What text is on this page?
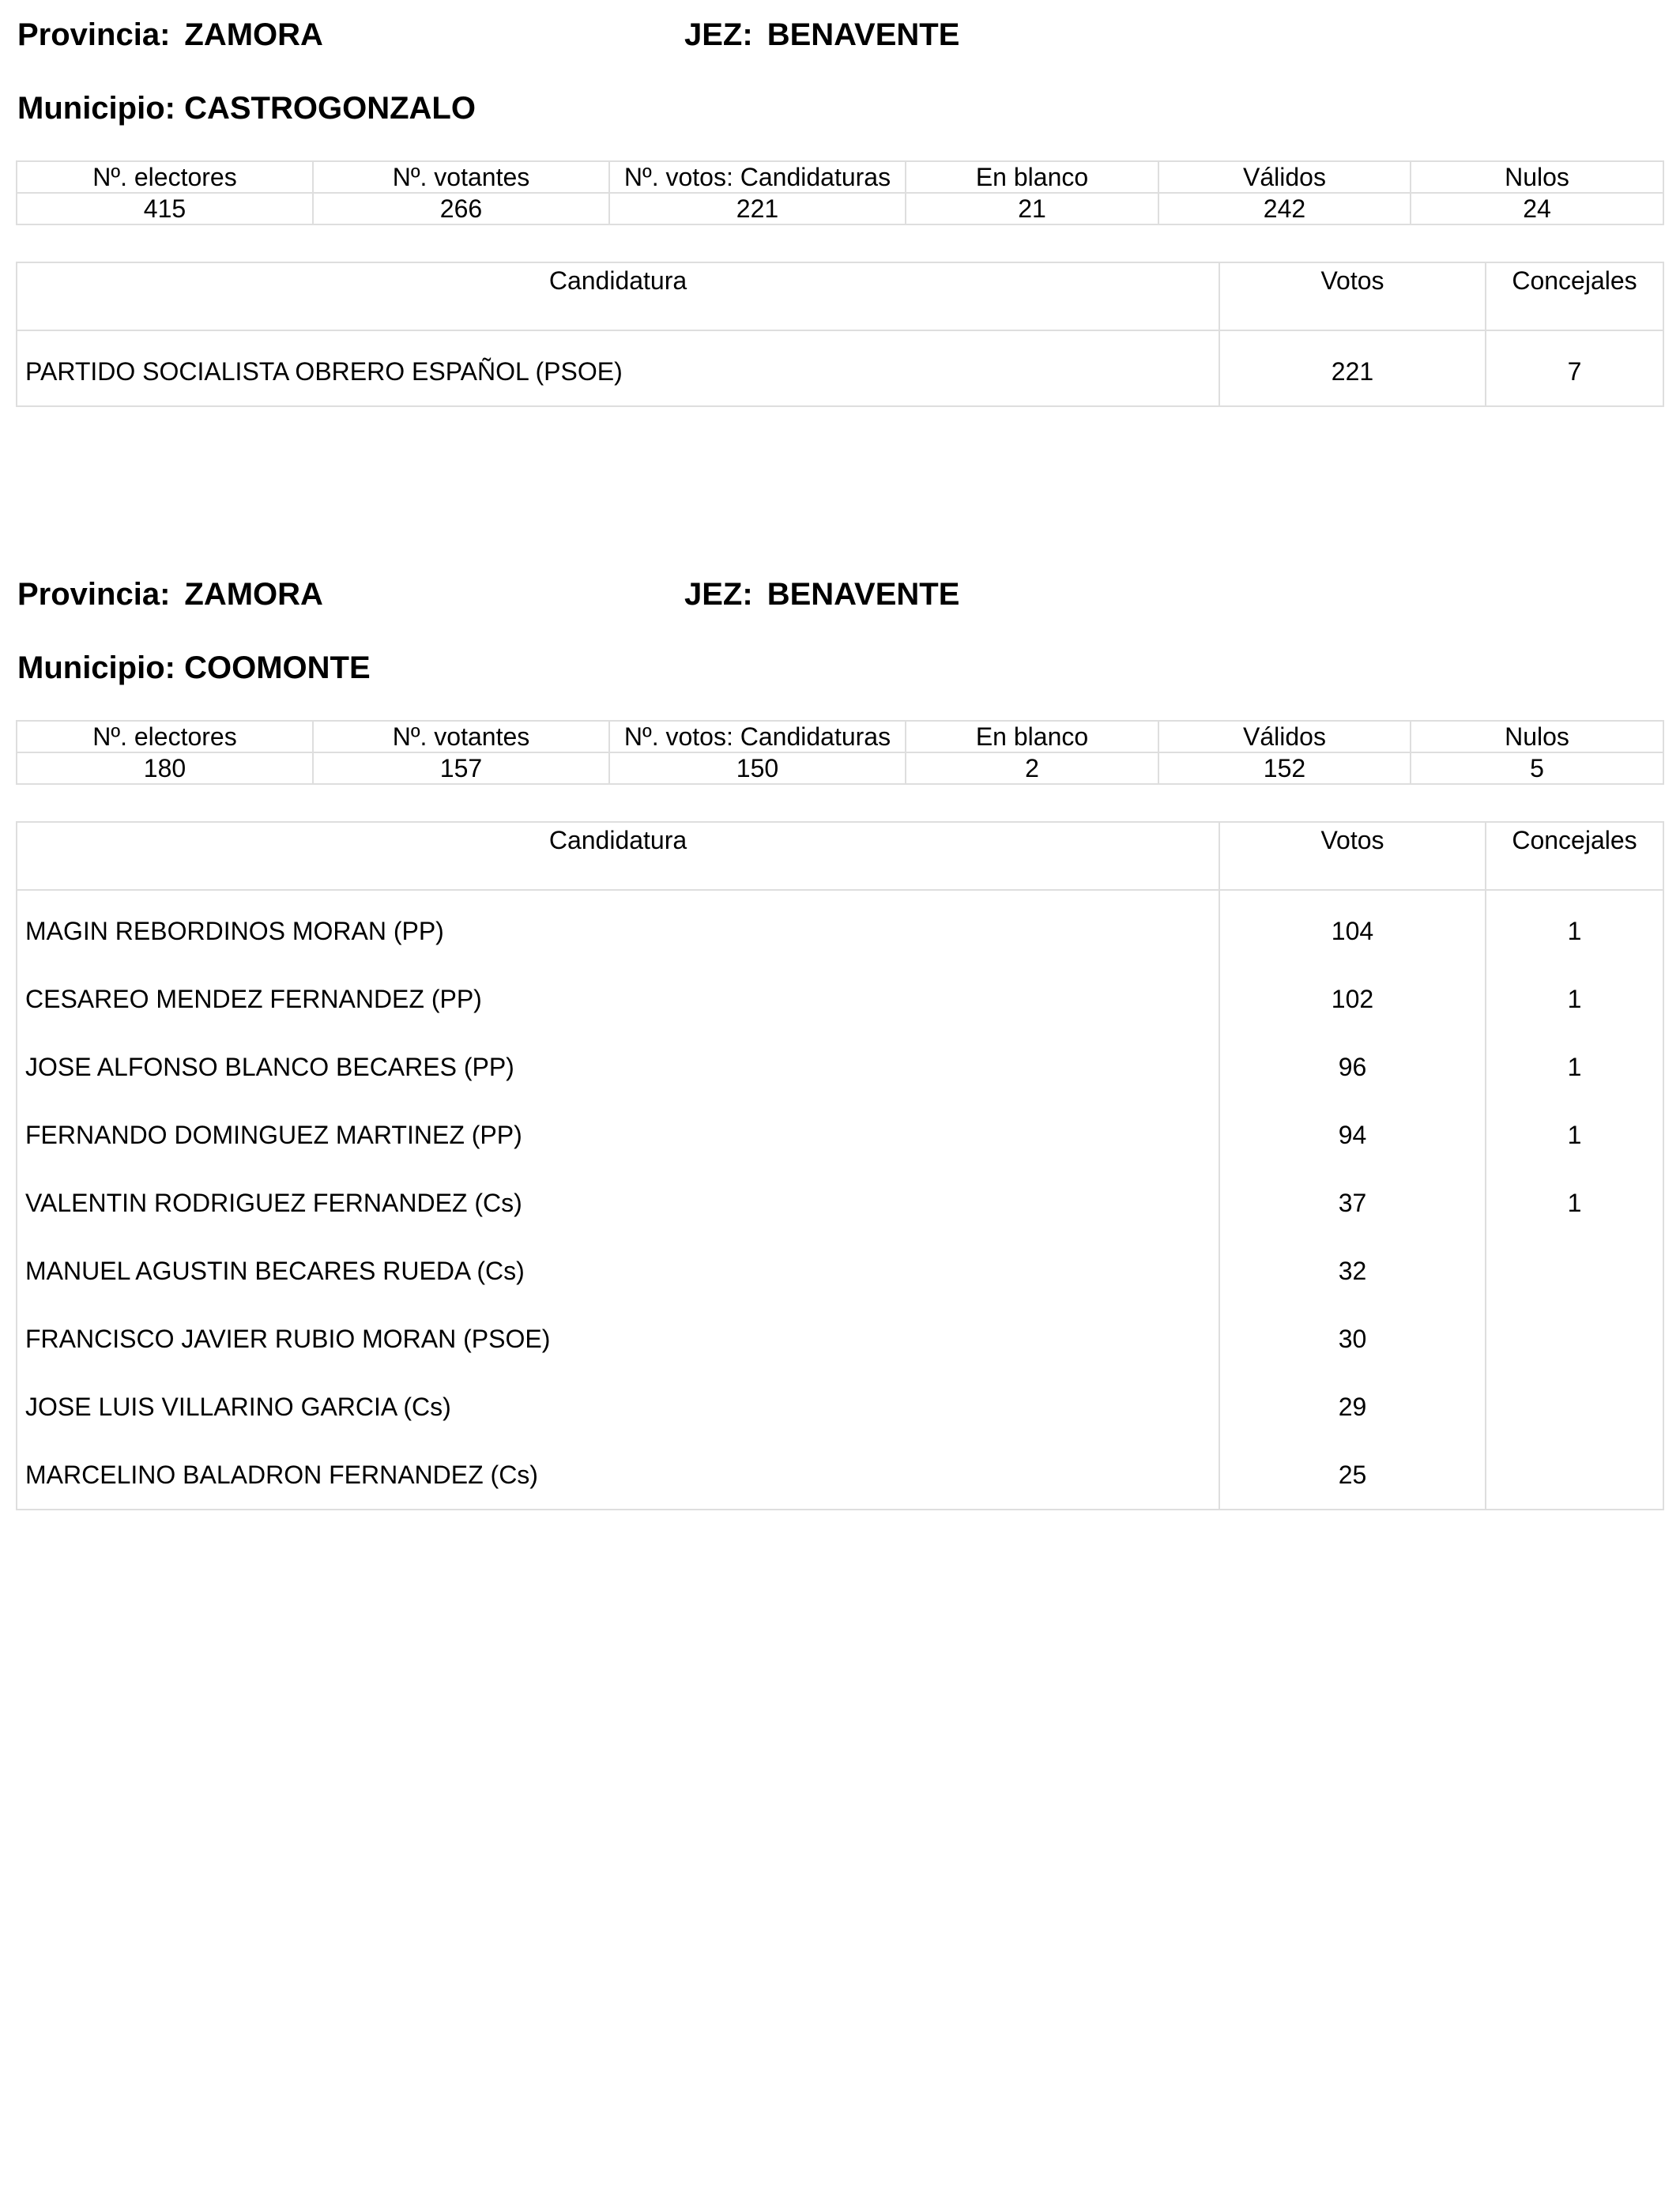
Provincia: ZAMORA	JEZ: BENAVENTE
Municipio: CASTROGONZALO
Nº. electores	Nº. votantes	Nº. votos: Candidaturas	En blanco	Válidos	Nulos
415	266	221	21	242	24
Candidatura	Votos	Concejales
PARTIDO SOCIALISTA OBRERO ESPAÑOL (PSOE)	221	7
Provincia: ZAMORA	JEZ: BENAVENTE
Municipio: COOMONTE
Nº. electores	Nº. votantes	Nº. votos: Candidaturas	En blanco	Válidos	Nulos
180	157	150	2	152	5
Candidatura	Votos	Concejales
MAGIN REBORDINOS MORAN (PP)	104	1
CESAREO MENDEZ FERNANDEZ (PP)	102	1
JOSE ALFONSO BLANCO BECARES (PP)	96	1
FERNANDO DOMINGUEZ MARTINEZ (PP)	94	1
VALENTIN RODRIGUEZ FERNANDEZ (Cs)	37	1
MANUEL AGUSTIN BECARES RUEDA (Cs)	32	
FRANCISCO JAVIER RUBIO MORAN (PSOE)	30	
JOSE LUIS VILLARINO GARCIA (Cs)	29	
MARCELINO BALADRON FERNANDEZ (Cs)	25	
